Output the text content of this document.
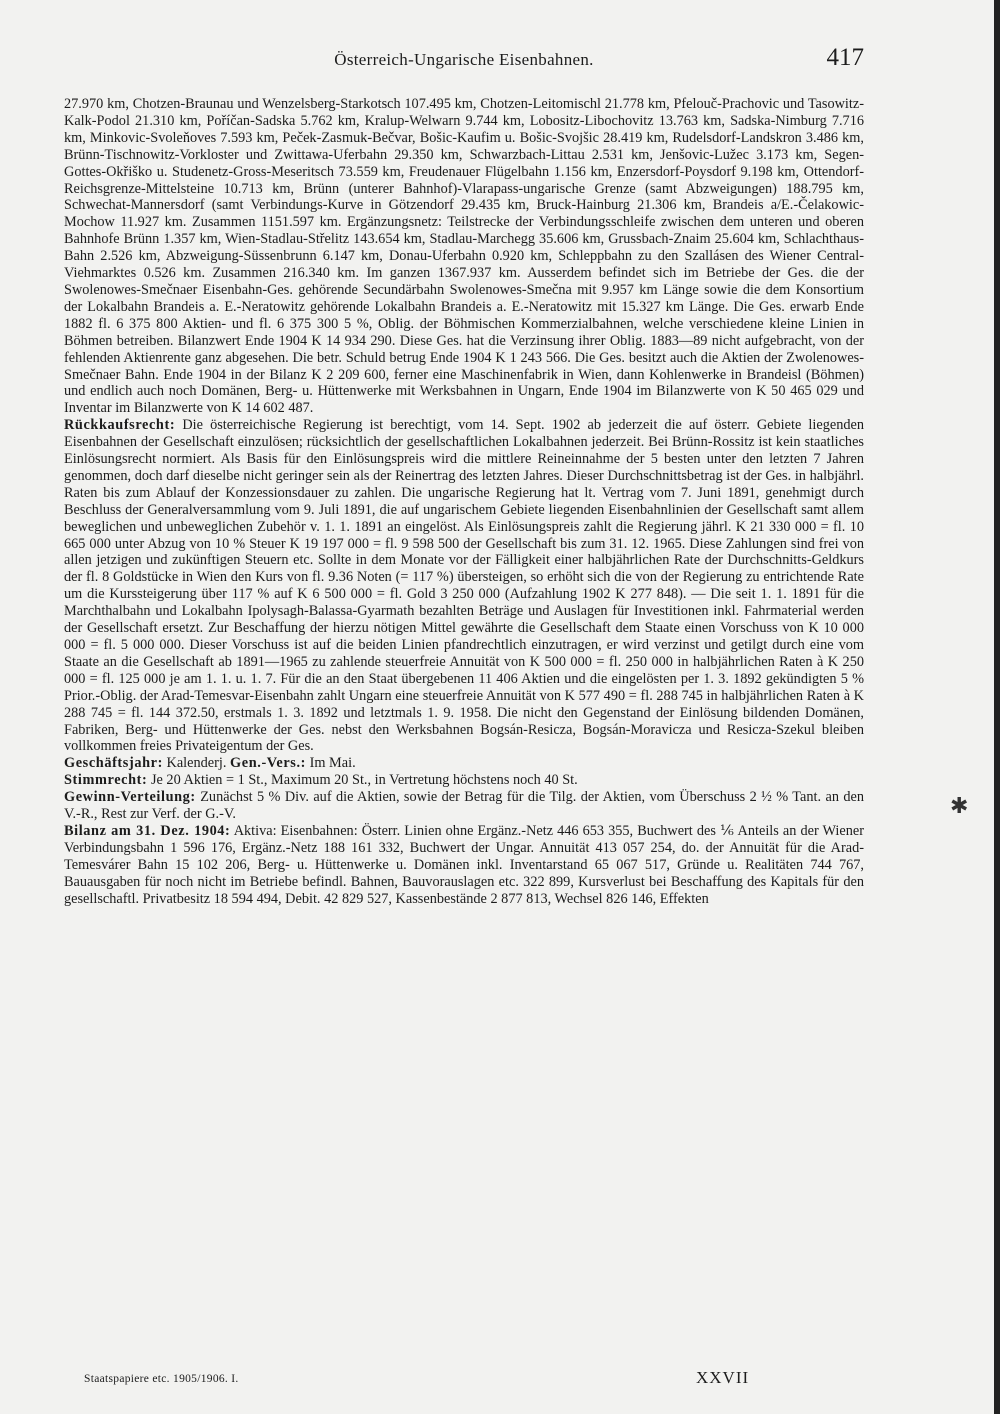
Österreich-Ungarische Eisenbahnen.	417

27.970 km, Chotzen-Braunau und Wenzelsberg-Starkotsch 107.495 km, Chotzen-Leitomischl 21.778 km, Pfelouč-Prachovic und Tasowitz-Kalk-Podol 21.310 km, Poříčan-Sadska 5.762 km, Kralup-Welwarn 9.744 km, Lobositz-Libochovitz 13.763 km, Sadska-Nimburg 7.716 km, Minkovic-Svoleňoves 7.593 km, Peček-Zasmuk-Bečvar, Bošic-Kaufim u. Bošic-Svojšic 28.419 km, Rudelsdorf-Landskron 3.486 km, Brünn-Tischnowitz-Vorkloster und Zwittawa-Uferbahn 29.350 km, Schwarzbach-Littau 2.531 km, Jenšovic-Lužec 3.173 km, Segen-Gottes-Okřiško u. Studenetz-Gross-Meseritsch 73.559 km, Freudenauer Flügelbahn 1.156 km, Enzersdorf-Poysdorf 9.198 km, Ottendorf-Reichsgrenze-Mittelsteine 10.713 km, Brünn (unterer Bahnhof)-Vlarapass-ungarische Grenze (samt Abzweigungen) 188.795 km, Schwechat-Mannersdorf (samt Verbindungs-Kurve in Götzendorf 29.435 km, Bruck-Hainburg 21.306 km, Brandeis a/E.-Čelakowic-Mochow 11.927 km. Zusammen 1151.597 km. Ergänzungsnetz: Teilstrecke der Verbindungsschleife zwischen dem unteren und oberen Bahnhofe Brünn 1.357 km, Wien-Stadlau-Střelitz 143.654 km, Stadlau-Marchegg 35.606 km, Grussbach-Znaim 25.604 km, Schlachthaus-Bahn 2.526 km, Abzweigung-Süssenbrunn 6.147 km, Donau-Uferbahn 0.920 km, Schleppbahn zu den Szallásen des Wiener Central-Viehmarktes 0.526 km. Zusammen 216.340 km. Im ganzen 1367.937 km. Ausserdem befindet sich im Betriebe der Ges. die der Swolenowes-Smečnaer Eisenbahn-Ges. gehörende Secundärbahn Swolenowes-Smečna mit 9.957 km Länge sowie die dem Konsortium der Lokalbahn Brandeis a. E.-Neratowitz gehörende Lokalbahn Brandeis a. E.-Neratowitz mit 15.327 km Länge. Die Ges. erwarb Ende 1882 fl. 6 375 800 Aktien- und fl. 6 375 300 5 %, Oblig. der Böhmischen Kommerzialbahnen, welche verschiedene kleine Linien in Böhmen betreiben. Bilanzwert Ende 1904 K 14 934 290. Diese Ges. hat die Verzinsung ihrer Oblig. 1883—89 nicht aufgebracht, von der fehlenden Aktienrente ganz abgesehen. Die betr. Schuld betrug Ende 1904 K 1 243 566. Die Ges. besitzt auch die Aktien der Zwolenowes-Smečnaer Bahn. Ende 1904 in der Bilanz K 2 209 600, ferner eine Maschinenfabrik in Wien, dann Kohlenwerke in Brandeisl (Böhmen) und endlich auch noch Domänen, Berg- u. Hüttenwerke mit Werksbahnen in Ungarn, Ende 1904 im Bilanzwerte von K 50 465 029 und Inventar im Bilanzwerte von K 14 602 487.

Rückkaufsrecht: Die österreichische Regierung ist berechtigt, vom 14. Sept. 1902 ab jederzeit die auf österr. Gebiete liegenden Eisenbahnen der Gesellschaft einzulösen; rücksichtlich der gesellschaftlichen Lokalbahnen jederzeit. Bei Brünn-Rossitz ist kein staatliches Einlösungsrecht normiert. Als Basis für den Einlösungspreis wird die mittlere Reineinnahme der 5 besten unter den letzten 7 Jahren genommen, doch darf dieselbe nicht geringer sein als der Reinertrag des letzten Jahres. Dieser Durchschnittsbetrag ist der Ges. in halbjährl. Raten bis zum Ablauf der Konzessionsdauer zu zahlen. Die ungarische Regierung hat lt. Vertrag vom 7. Juni 1891, genehmigt durch Beschluss der Generalversammlung vom 9. Juli 1891, die auf ungarischem Gebiete liegenden Eisenbahnlinien der Gesellschaft samt allem beweglichen und unbeweglichen Zubehör v. 1. 1. 1891 an eingelöst. Als Einlösungspreis zahlt die Regierung jährl. K 21 330 000 = fl. 10 665 000 unter Abzug von 10 % Steuer K 19 197 000 = fl. 9 598 500 der Gesellschaft bis zum 31. 12. 1965. Diese Zahlungen sind frei von allen jetzigen und zukünftigen Steuern etc. Sollte in dem Monate vor der Fälligkeit einer halbjährlichen Rate der Durchschnitts-Geldkurs der fl. 8 Goldstücke in Wien den Kurs von fl. 9.36 Noten (= 117 %) übersteigen, so erhöht sich die von der Regierung zu entrichtende Rate um die Kurssteigerung über 117 % auf K 6 500 000 = fl. Gold 3 250 000 (Aufzahlung 1902 K 277 848). — Die seit 1. 1. 1891 für die Marchthalbahn und Lokalbahn Ipolysagh-Balassa-Gyarmath bezahlten Beträge und Auslagen für Investitionen inkl. Fahrmaterial werden der Gesellschaft ersetzt. Zur Beschaffung der hierzu nötigen Mittel gewährte die Gesellschaft dem Staate einen Vorschuss von K 10 000 000 = fl. 5 000 000. Dieser Vorschuss ist auf die beiden Linien pfandrechtlich einzutragen, er wird verzinst und getilgt durch eine vom Staate an die Gesellschaft ab 1891—1965 zu zahlende steuerfreie Annuität von K 500 000 = fl. 250 000 in halbjährlichen Raten à K 250 000 = fl. 125 000 je am 1. 1. u. 1. 7. Für die an den Staat übergebenen 11 406 Aktien und die eingelösten per 1. 3. 1892 gekündigten 5 % Prior.-Oblig. der Arad-Temesvar-Eisenbahn zahlt Ungarn eine steuerfreie Annuität von K 577 490 = fl. 288 745 in halbjährlichen Raten à K 288 745 = fl. 144 372.50, erstmals 1. 3. 1892 und letztmals 1. 9. 1958. Die nicht den Gegenstand der Einlösung bildenden Domänen, Fabriken, Berg- und Hüttenwerke der Ges. nebst den Werksbahnen Bogsán-Resicza, Bogsán-Moravicza und Resicza-Szekul bleiben vollkommen freies Privateigentum der Ges.

Geschäftsjahr: Kalenderj. Gen.-Vers.: Im Mai.

Stimmrecht: Je 20 Aktien = 1 St., Maximum 20 St., in Vertretung höchstens noch 40 St.

Gewinn-Verteilung: Zunächst 5 % Div. auf die Aktien, sowie der Betrag für die Tilg. der Aktien, vom Überschuss 2 ½ % Tant. an den V.-R., Rest zur Verf. der G.-V.

Bilanz am 31. Dez. 1904: Aktiva: Eisenbahnen: Österr. Linien ohne Ergänz.-Netz 446 653 355, Buchwert des ⅙ Anteils an der Wiener Verbindungsbahn 1 596 176, Ergänz.-Netz 188 161 332, Buchwert der Ungar. Annuität 413 057 254, do. der Annuität für die Arad-Temesvárer Bahn 15 102 206, Berg- u. Hüttenwerke u. Domänen inkl. Inventarstand 65 067 517, Gründe u. Realitäten 744 767, Bauausgaben für noch nicht im Betriebe befindl. Bahnen, Bauvorauslagen etc. 322 899, Kursverlust bei Beschaffung des Kapitals für den gesellschaftl. Privatbesitz 18 594 494, Debit. 42 829 527, Kassenbestände 2 877 813, Wechsel 826 146, Effekten

Staatspapiere etc. 1905/1906. I.	XXVII
✱
